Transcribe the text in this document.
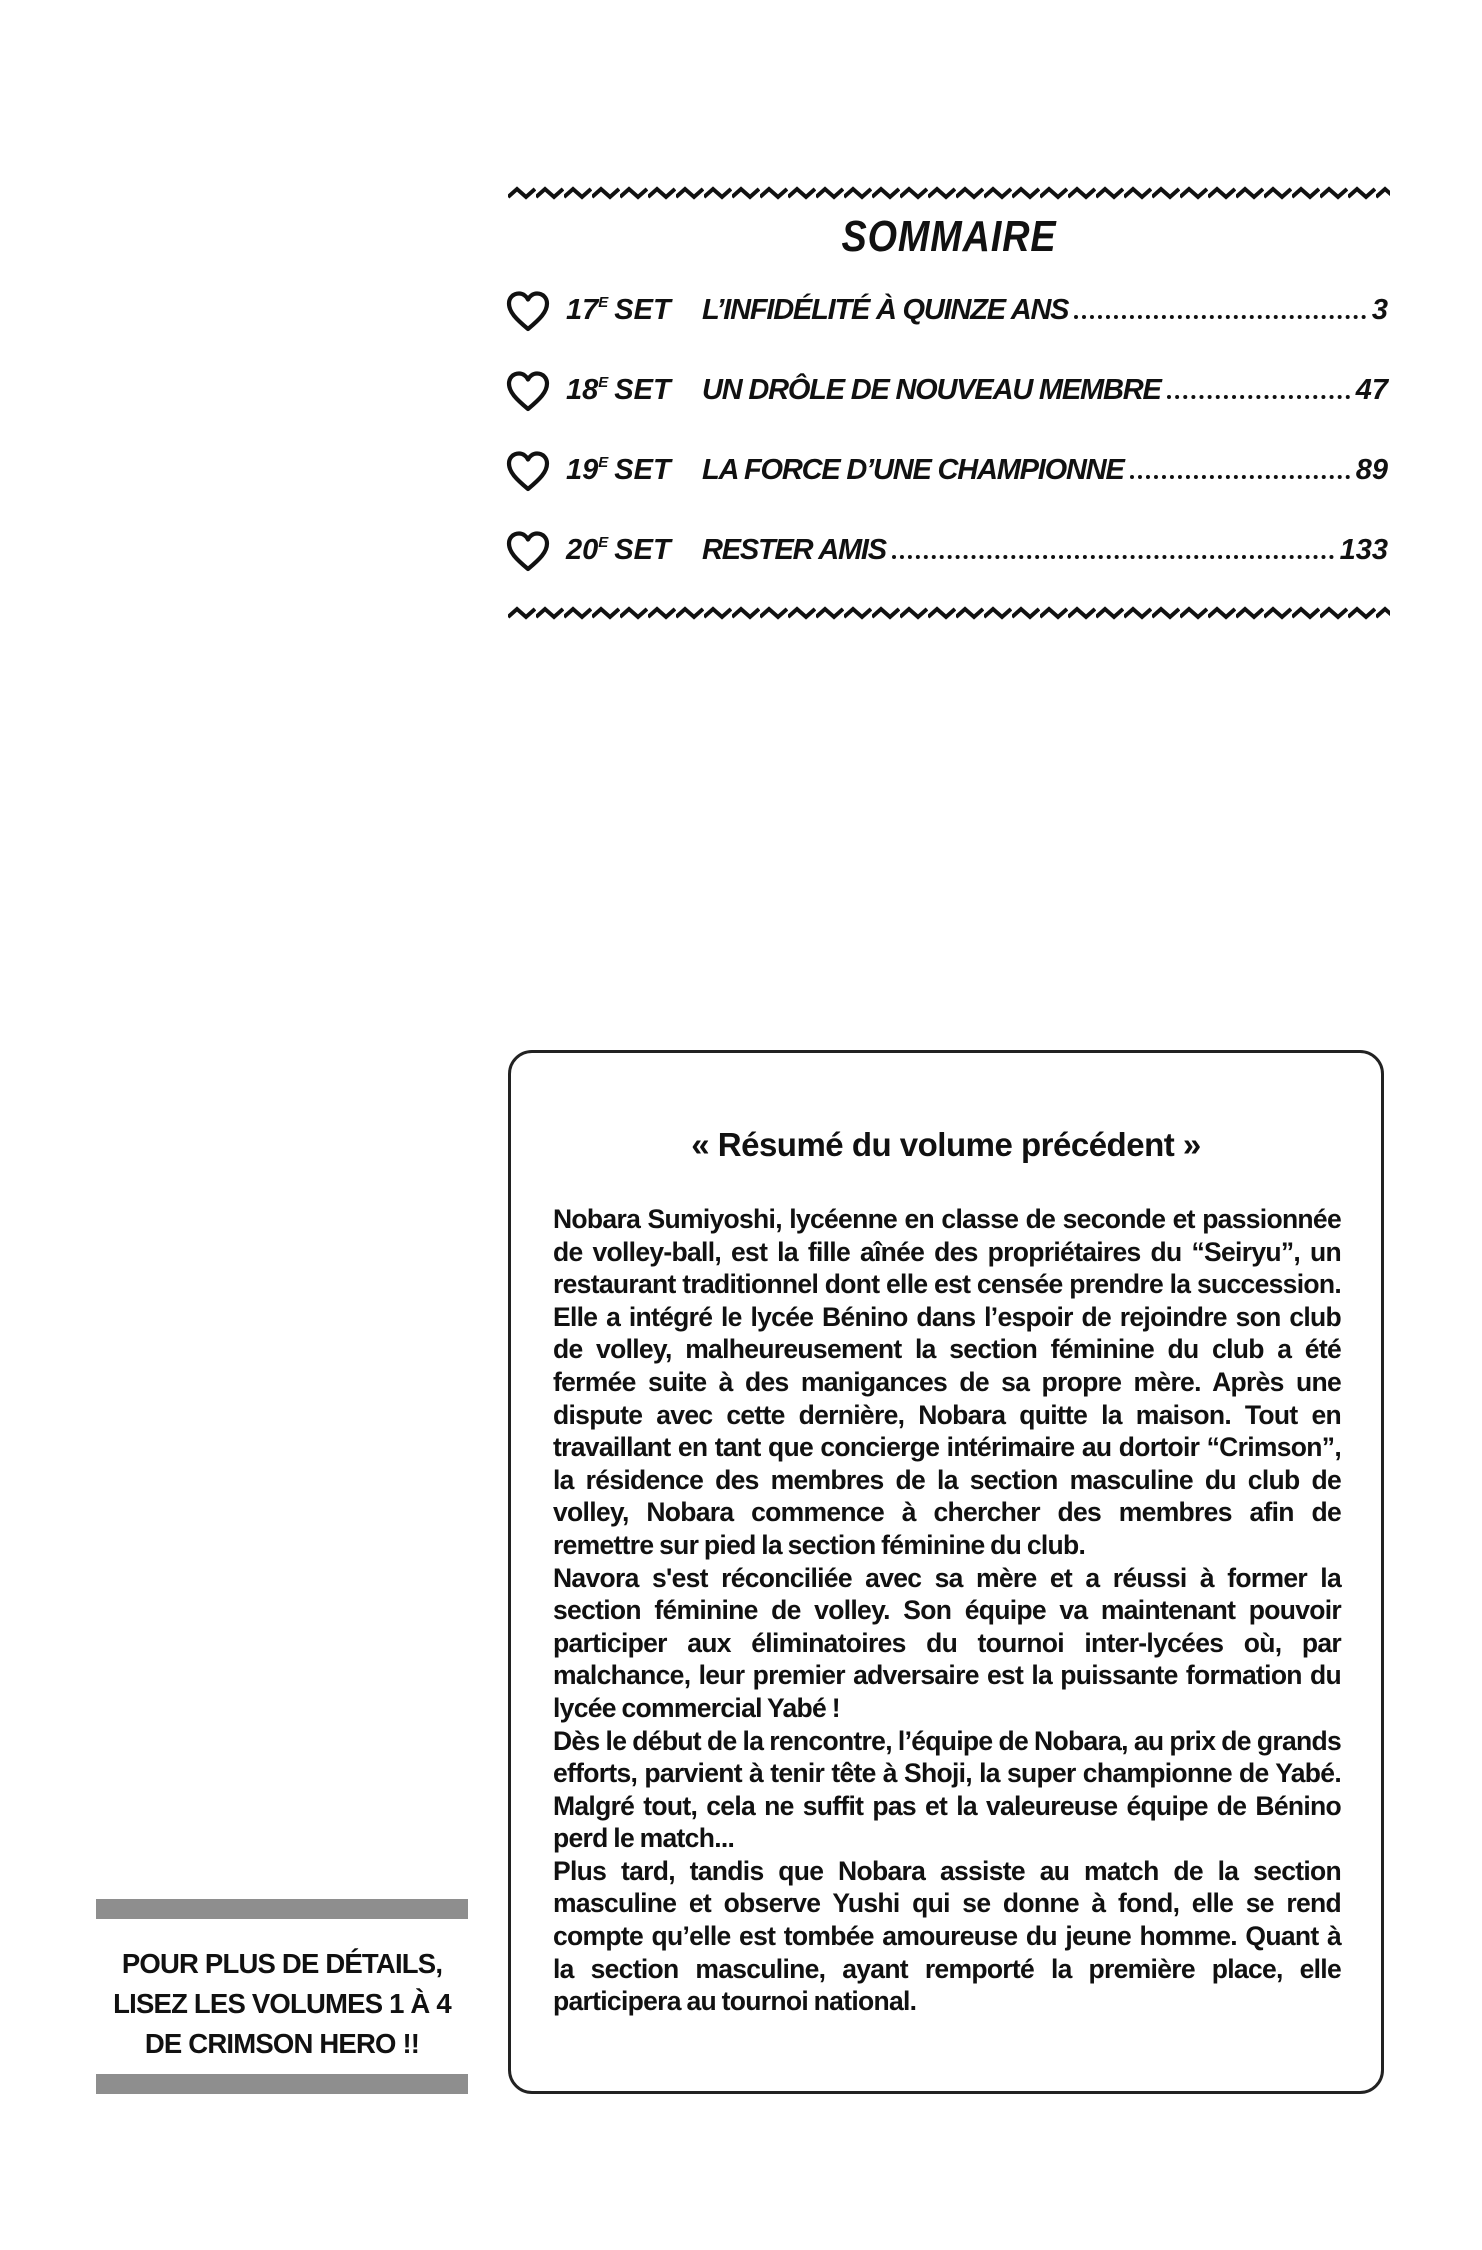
SOMMAIRE
$17^E$ SET L’INFIDÉLITÉ À QUINZE ANS	3
$18^E$ SET UN DRÔLE DE NOUVEAU MEMBRE	47
$19^E$ SET LA FORCE D’UNE CHAMPIONNE	89
$20^E$ SET RESTER AMIS	133
« Résumé du volume précédent »

Nobara Sumiyoshi, lycéenne en classe de seconde et passionnée de volley-ball, est la fille aînée des propriétaires du “Seiryu”, un restaurant traditionnel dont elle est censée prendre la succession. Elle a intégré le lycée Bénino dans l’espoir de rejoindre son club de volley, malheureusement la section féminine du club a été fermée suite à des manigances de sa propre mère. Après une dispute avec cette dernière, Nobara quitte la maison. Tout en travaillant en tant que concierge intérimaire au dortoir “Crimson”, la résidence des membres de la section masculine du club de volley, Nobara commence à chercher des membres afin de remettre sur pied la section féminine du club.

Navora s'est réconciliée avec sa mère et a réussi à former la section féminine de volley. Son équipe va maintenant pouvoir participer aux éliminatoires du tournoi inter-lycées où, par malchance, leur premier adversaire est la puissante formation du lycée commercial Yabé !

Dès le début de la rencontre, l’équipe de Nobara, au prix de grands efforts, parvient à tenir tête à Shoji, la super championne de Yabé. Malgré tout, cela ne suffit pas et la valeureuse équipe de Bénino perd le match...

Plus tard, tandis que Nobara assiste au match de la section masculine et observe Yushi qui se donne à fond, elle se rend compte qu’elle est tombée amoureuse du jeune homme. Quant à la section masculine, ayant remporté la première place, elle participera au tournoi national.

POUR PLUS DE DÉTAILS,
LISEZ LES VOLUMES 1 À 4
DE CRIMSON HERO !!
